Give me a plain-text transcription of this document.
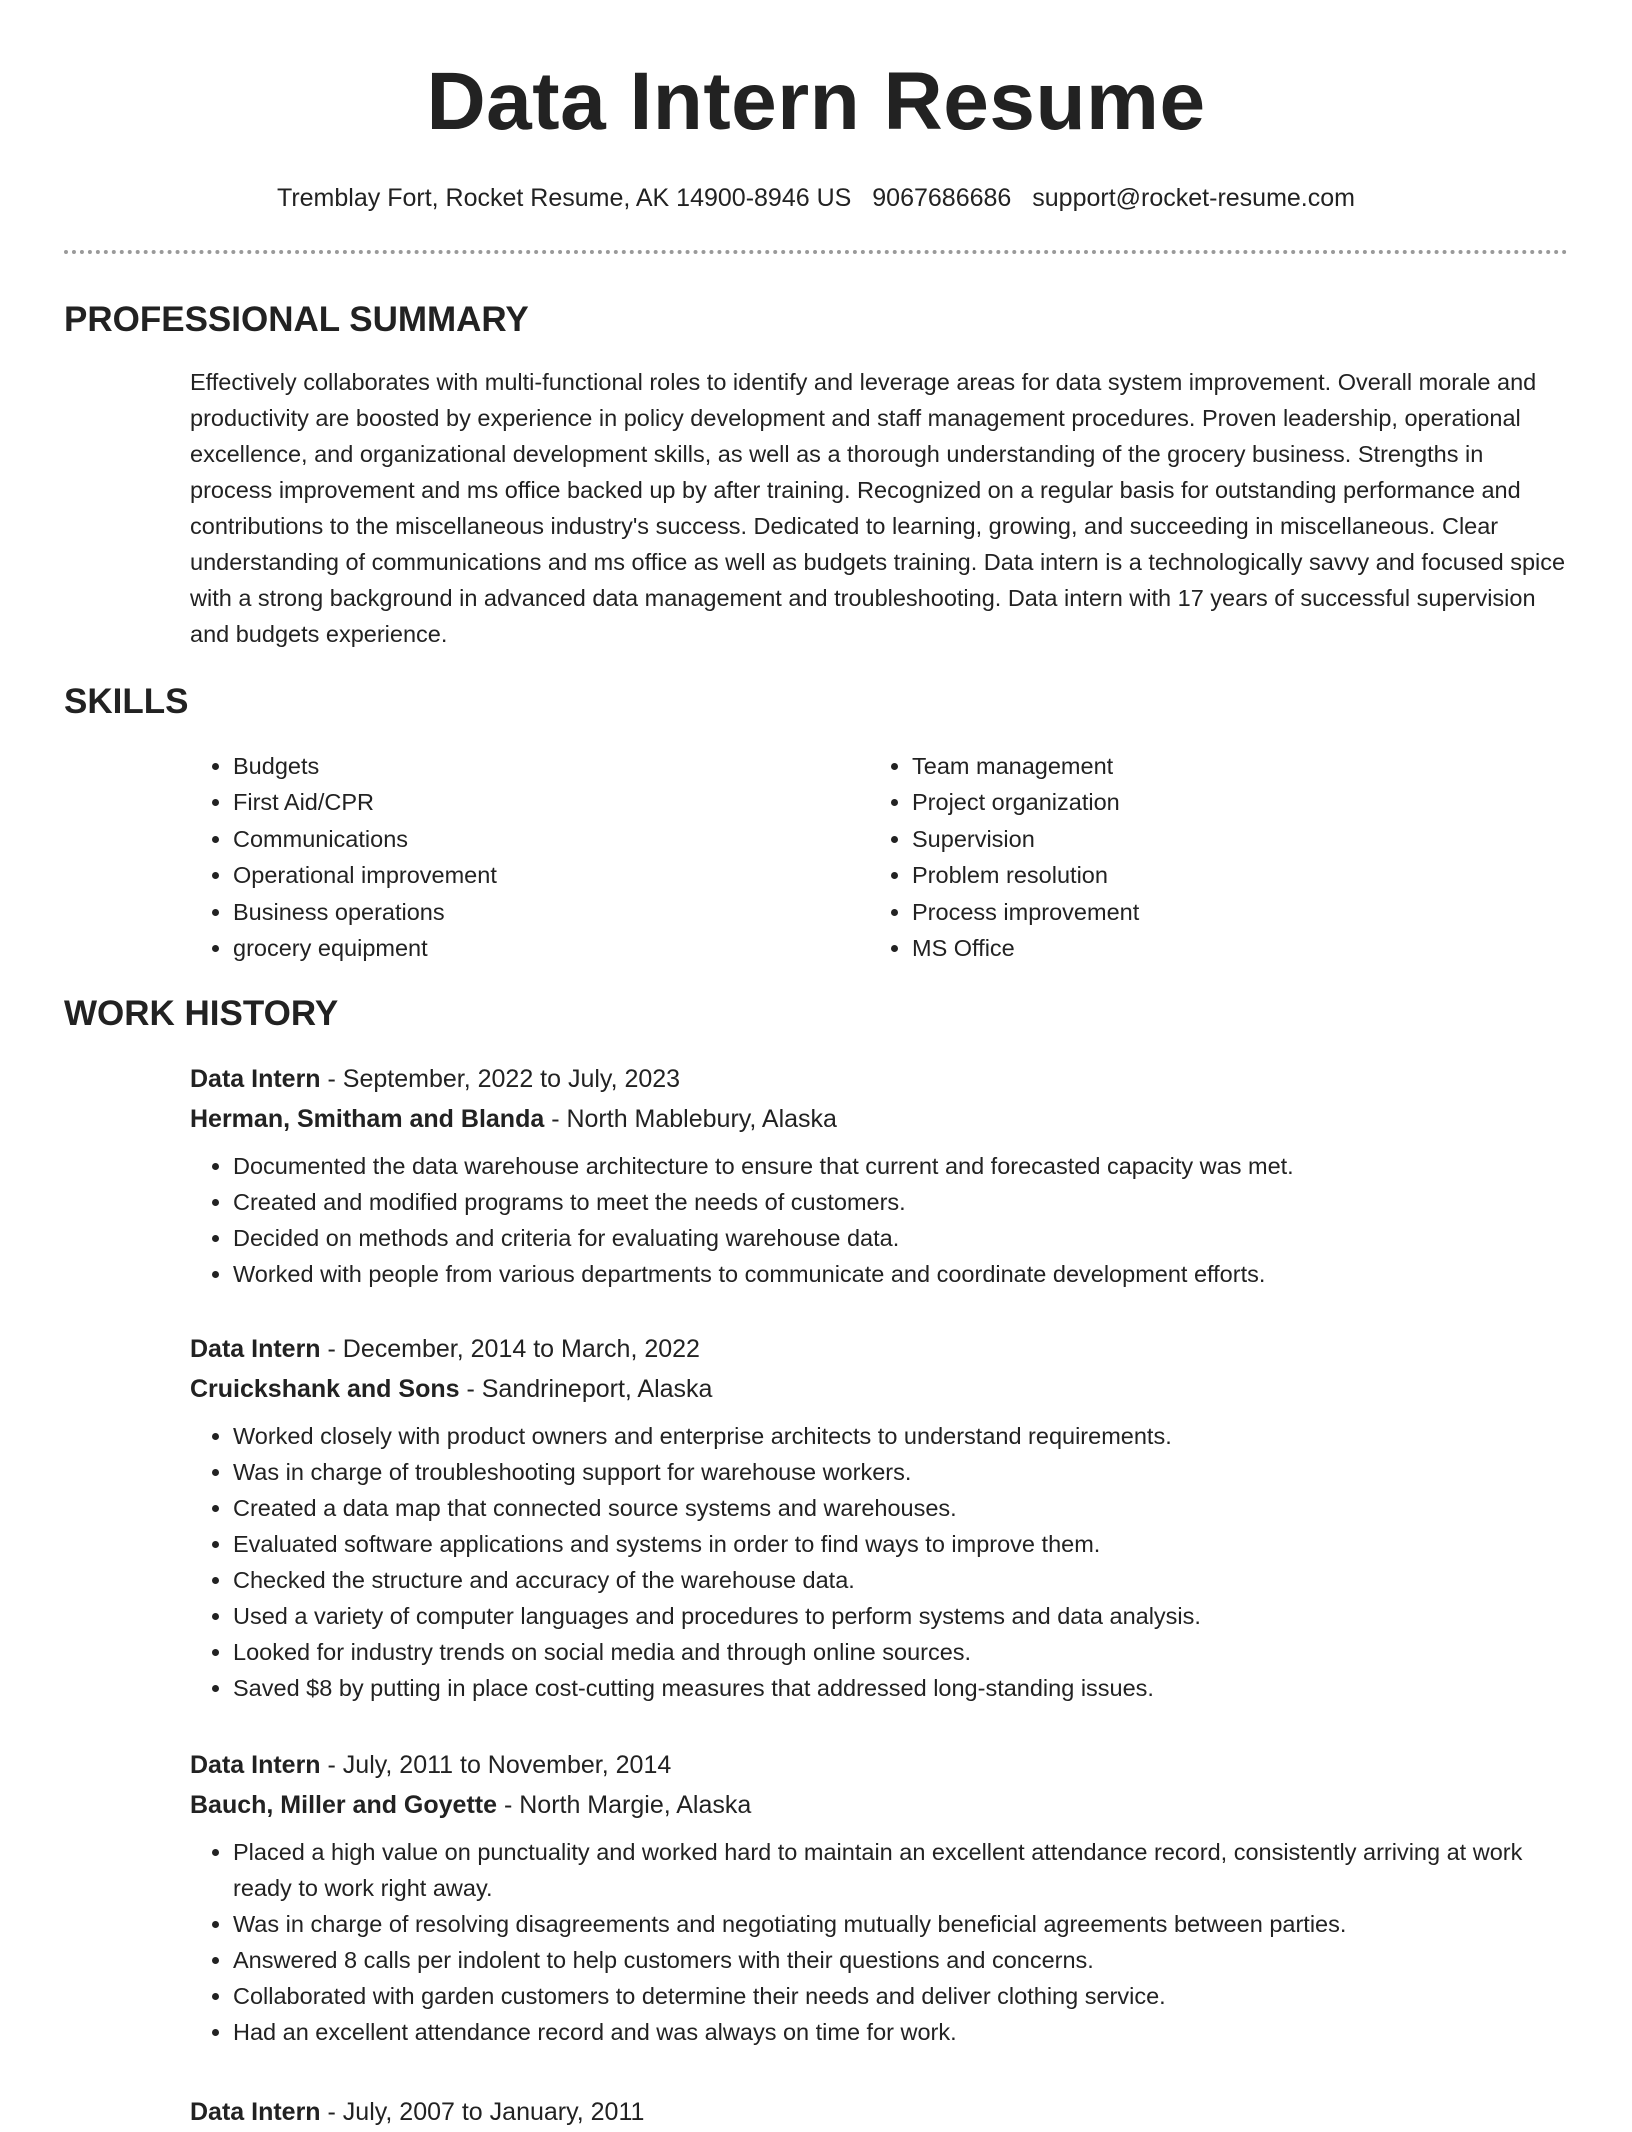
Data Intern Resume
Tremblay Fort, Rocket Resume, AK 14900-8946 US 9067686686 support@rocket-resume.com
PROFESSIONAL SUMMARY

Effectively collaborates with multi-functional roles to identify and leverage areas for data system improvement. Overall morale and productivity are boosted by experience in policy development and staff management procedures. Proven leadership, operational excellence, and organizational development skills, as well as a thorough understanding of the grocery business. Strengths in process improvement and ms office backed up by after training. Recognized on a regular basis for outstanding performance and contributions to the miscellaneous industry's success. Dedicated to learning, growing, and succeeding in miscellaneous. Clear understanding of communications and ms office as well as budgets training. Data intern is a technologically savvy and focused spice with a strong background in advanced data management and troubleshooting. Data intern with 17 years of successful supervision and budgets experience.

SKILLS
• Budgets
• First Aid/CPR
• Communications
• Operational improvement
• Business operations
• grocery equipment
• Team management
• Project organization
• Supervision
• Problem resolution
• Process improvement
• MS Office
WORK HISTORY
Data Intern - September, 2022 to July, 2023
Herman, Smitham and Blanda - North Mablebury, Alaska
• Documented the data warehouse architecture to ensure that current and forecasted capacity was met.
• Created and modified programs to meet the needs of customers.
• Decided on methods and criteria for evaluating warehouse data.
• Worked with people from various departments to communicate and coordinate development efforts.
Data Intern - December, 2014 to March, 2022
Cruickshank and Sons - Sandrineport, Alaska
• Worked closely with product owners and enterprise architects to understand requirements.
• Was in charge of troubleshooting support for warehouse workers.
• Created a data map that connected source systems and warehouses.
• Evaluated software applications and systems in order to find ways to improve them.
• Checked the structure and accuracy of the warehouse data.
• Used a variety of computer languages and procedures to perform systems and data analysis.
• Looked for industry trends on social media and through online sources.
• Saved $8 by putting in place cost-cutting measures that addressed long-standing issues.
Data Intern - July, 2011 to November, 2014
Bauch, Miller and Goyette - North Margie, Alaska
• Placed a high value on punctuality and worked hard to maintain an excellent attendance record, consistently arriving at work ready to work right away.
• Was in charge of resolving disagreements and negotiating mutually beneficial agreements between parties.
• Answered 8 calls per indolent to help customers with their questions and concerns.
• Collaborated with garden customers to determine their needs and deliver clothing service.
• Had an excellent attendance record and was always on time for work.
Data Intern - July, 2007 to January, 2011
